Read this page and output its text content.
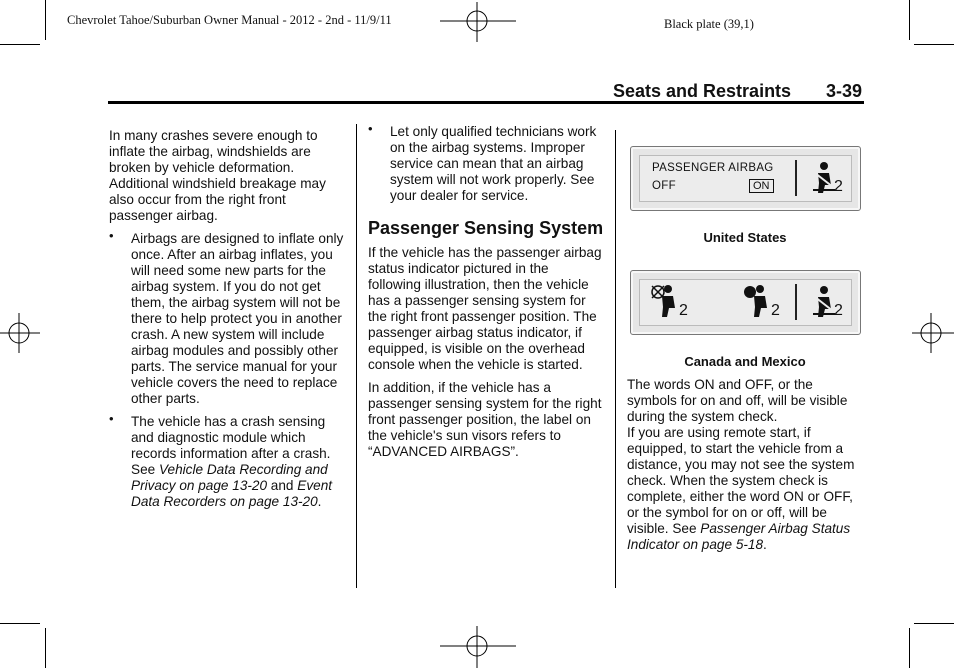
Chevrolet Tahoe/Suburban Owner Manual - 2012 - 2nd - 11/9/11	Black plate (39,1)
Seats and Restraints 3-39

In many crashes severe enough to inflate the airbag, windshields are broken by vehicle deformation. Additional windshield breakage may also occur from the right front passenger airbag.

• Airbags are designed to inflate only once. After an airbag inflates, you will need some new parts for the airbag system. If you do not get them, the airbag system will not be there to help protect you in another crash. A new system will include airbag modules and possibly other parts. The service manual for your vehicle covers the need to replace other parts.
• The vehicle has a crash sensing and diagnostic module which records information after a crash. See Vehicle Data Recording and Privacy on page 13-20 and Event Data Recorders on page 13-20.
• Let only qualified technicians work on the airbag systems. Improper service can mean that an airbag system will not work properly. See your dealer for service.
Passenger Sensing System

If the vehicle has the passenger airbag status indicator pictured in the following illustration, then the vehicle has a passenger sensing system for the right front passenger position. The passenger airbag status indicator, if equipped, is visible on the overhead console when the vehicle is started.

In addition, if the vehicle has a passenger sensing system for the right front passenger position, the label on the vehicle's sun visors refers to “ADVANCED AIRBAGS”.

PASSENGER AIRBAG
OFF	ON	2
United States
2	2	2
Canada and Mexico

The words ON and OFF, or the symbols for on and off, will be visible during the system check.

If you are using remote start, if equipped, to start the vehicle from a distance, you may not see the system check. When the system check is complete, either the word ON or OFF, or the symbol for on or off, will be visible. See Passenger Airbag Status Indicator on page 5-18.
